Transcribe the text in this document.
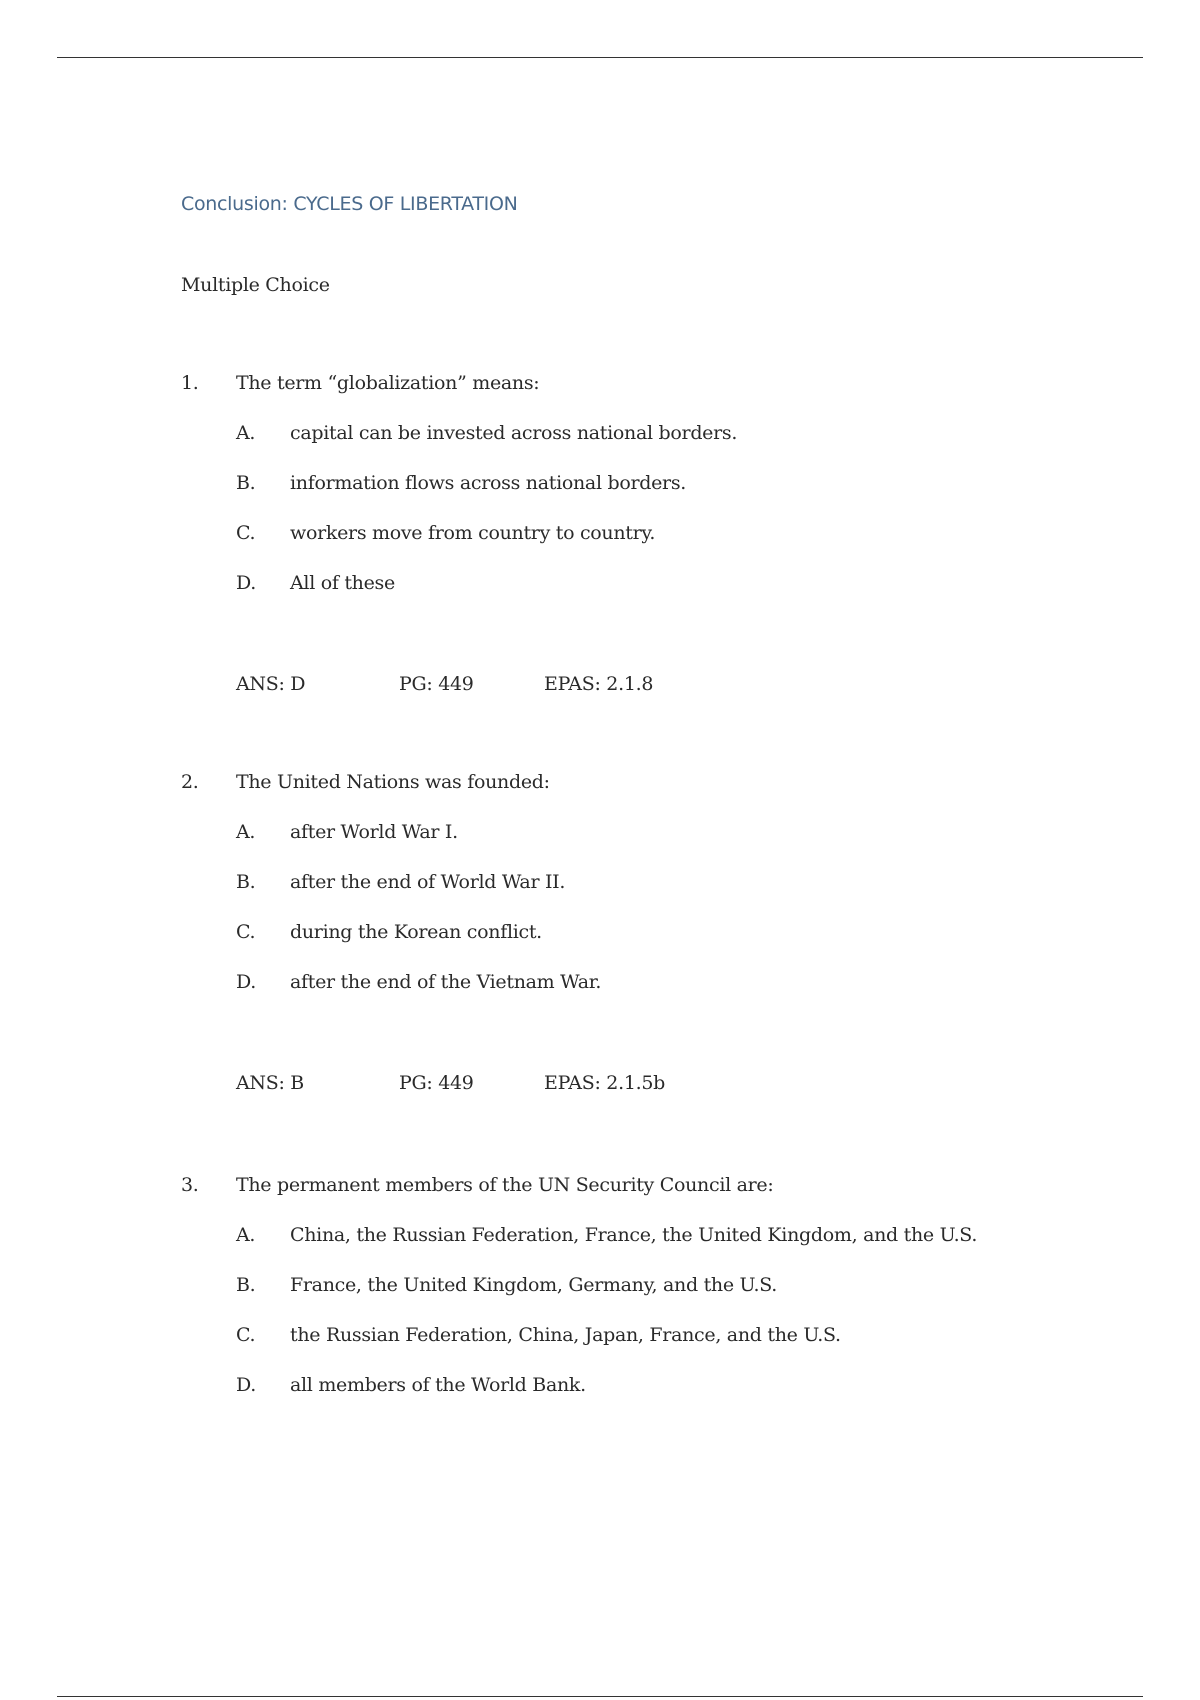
Conclusion: CYCLES OF LIBERTATION
Multiple Choice
1. The term “globalization” means:
A. capital can be invested across national borders.
B. information flows across national borders.
C. workers move from country to country.
D. All of these
ANS: D	PG: 449	EPAS: 2.1.8
2. The United Nations was founded:
A. after World War I.
B. after the end of World War II.
C. during the Korean conflict.
D. after the end of the Vietnam War.
ANS: B	PG: 449	EPAS: 2.1.5b
3. The permanent members of the UN Security Council are:
A. China, the Russian Federation, France, the United Kingdom, and the U.S.
B. France, the United Kingdom, Germany, and the U.S.
C. the Russian Federation, China, Japan, France, and the U.S.
D. all members of the World Bank.
